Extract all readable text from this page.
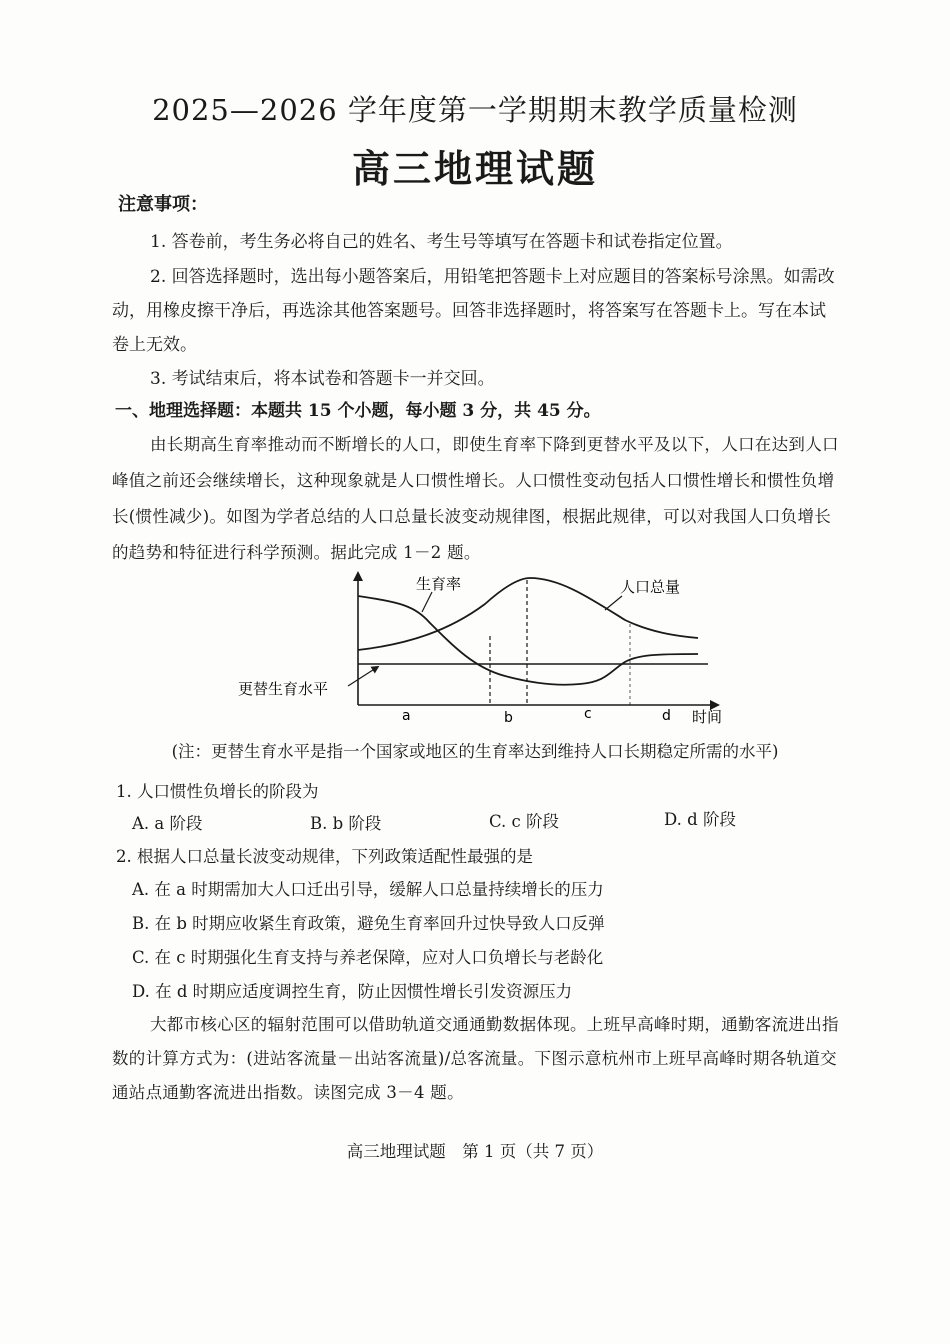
2025—2026 学年度第一学期期末教学质量检测
高三地理试题
注意事项：
1. 答卷前，考生务必将自己的姓名、考生号等填写在答题卡和试卷指定位置。
2. 回答选择题时，选出每小题答案后，用铅笔把答题卡上对应题目的答案标号涂黑。如需改动，用橡皮擦干净后，再选涂其他答案题号。回答非选择题时，将答案写在答题卡上。写在本试卷上无效。
3. 考试结束后，将本试卷和答题卡一并交回。
一、地理选择题：本题共 15 个小题，每小题 3 分，共 45 分。
由长期高生育率推动而不断增长的人口，即使生育率下降到更替水平及以下，人口在达到人口峰值之前还会继续增长，这种现象就是人口惯性增长。人口惯性变动包括人口惯性增长和惯性负增长(惯性减少)。如图为学者总结的人口总量长波变动规律图，根据此规律，可以对我国人口负增长的趋势和特征进行科学预测。据此完成 1－2 题。
生育率	人口总量
更替生育水平
a	b	c	d 时间
(注：更替生育水平是指一个国家或地区的生育率达到维持人口长期稳定所需的水平)
1. 人口惯性负增长的阶段为
A. a 阶段	B. b 阶段	C. c 阶段	D. d 阶段
2. 根据人口总量长波变动规律，下列政策适配性最强的是
A. 在 a 时期需加大人口迁出引导，缓解人口总量持续增长的压力
B. 在 b 时期应收紧生育政策，避免生育率回升过快导致人口反弹
C. 在 c 时期强化生育支持与养老保障，应对人口负增长与老龄化
D. 在 d 时期应适度调控生育，防止因惯性增长引发资源压力
大都市核心区的辐射范围可以借助轨道交通通勤数据体现。上班早高峰时期，通勤客流进出指数的计算方式为：(进站客流量－出站客流量)/总客流量。下图示意杭州市上班早高峰时期各轨道交通站点通勤客流进出指数。读图完成 3－4 题。
高三地理试题　第 1 页（共 7 页）
